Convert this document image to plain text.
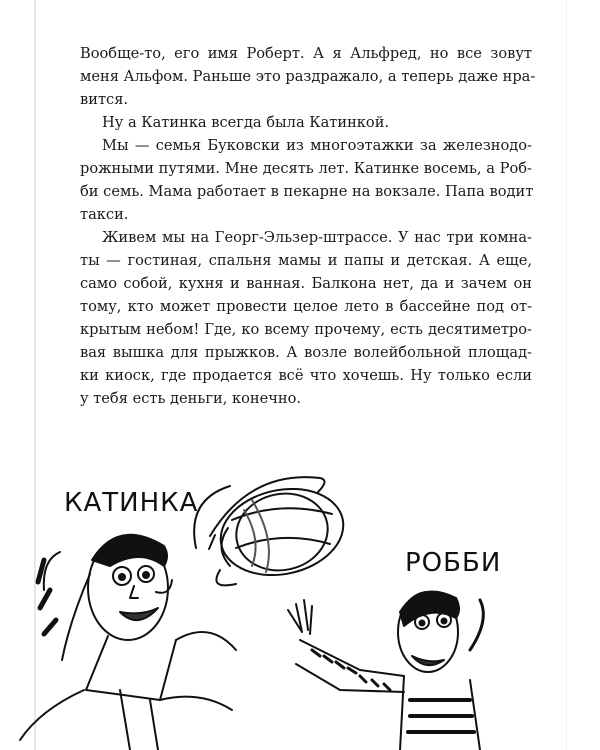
Вообще-то, его имя Роберт. А я Альфред, но все зовут
меня Альфом. Раньше это раздражало, а теперь даже нра-
вится.
Ну а Катинка всегда была Катинкой.
Мы — семья Буковски из многоэтажки за железнодо-
рожными путями. Мне десять лет. Катинке восемь, а Роб-
би семь. Мама работает в пекарне на вокзале. Папа водит
такси.
Живем мы на Георг-Эльзер-штрассе. У нас три комна-
ты — гостиная, спальня мамы и папы и детская. А еще,
само собой, кухня и ванная. Балкона нет, да и зачем он
тому, кто может провести целое лето в бассейне под от-
крытым небом! Где, ко всему прочему, есть десятиметро-
вая вышка для прыжков. А возле волейбольной площад-
ки киоск, где продается всё что хочешь. Ну только если
у тебя есть деньги, конечно.
КАТИНКА
РОББИ
